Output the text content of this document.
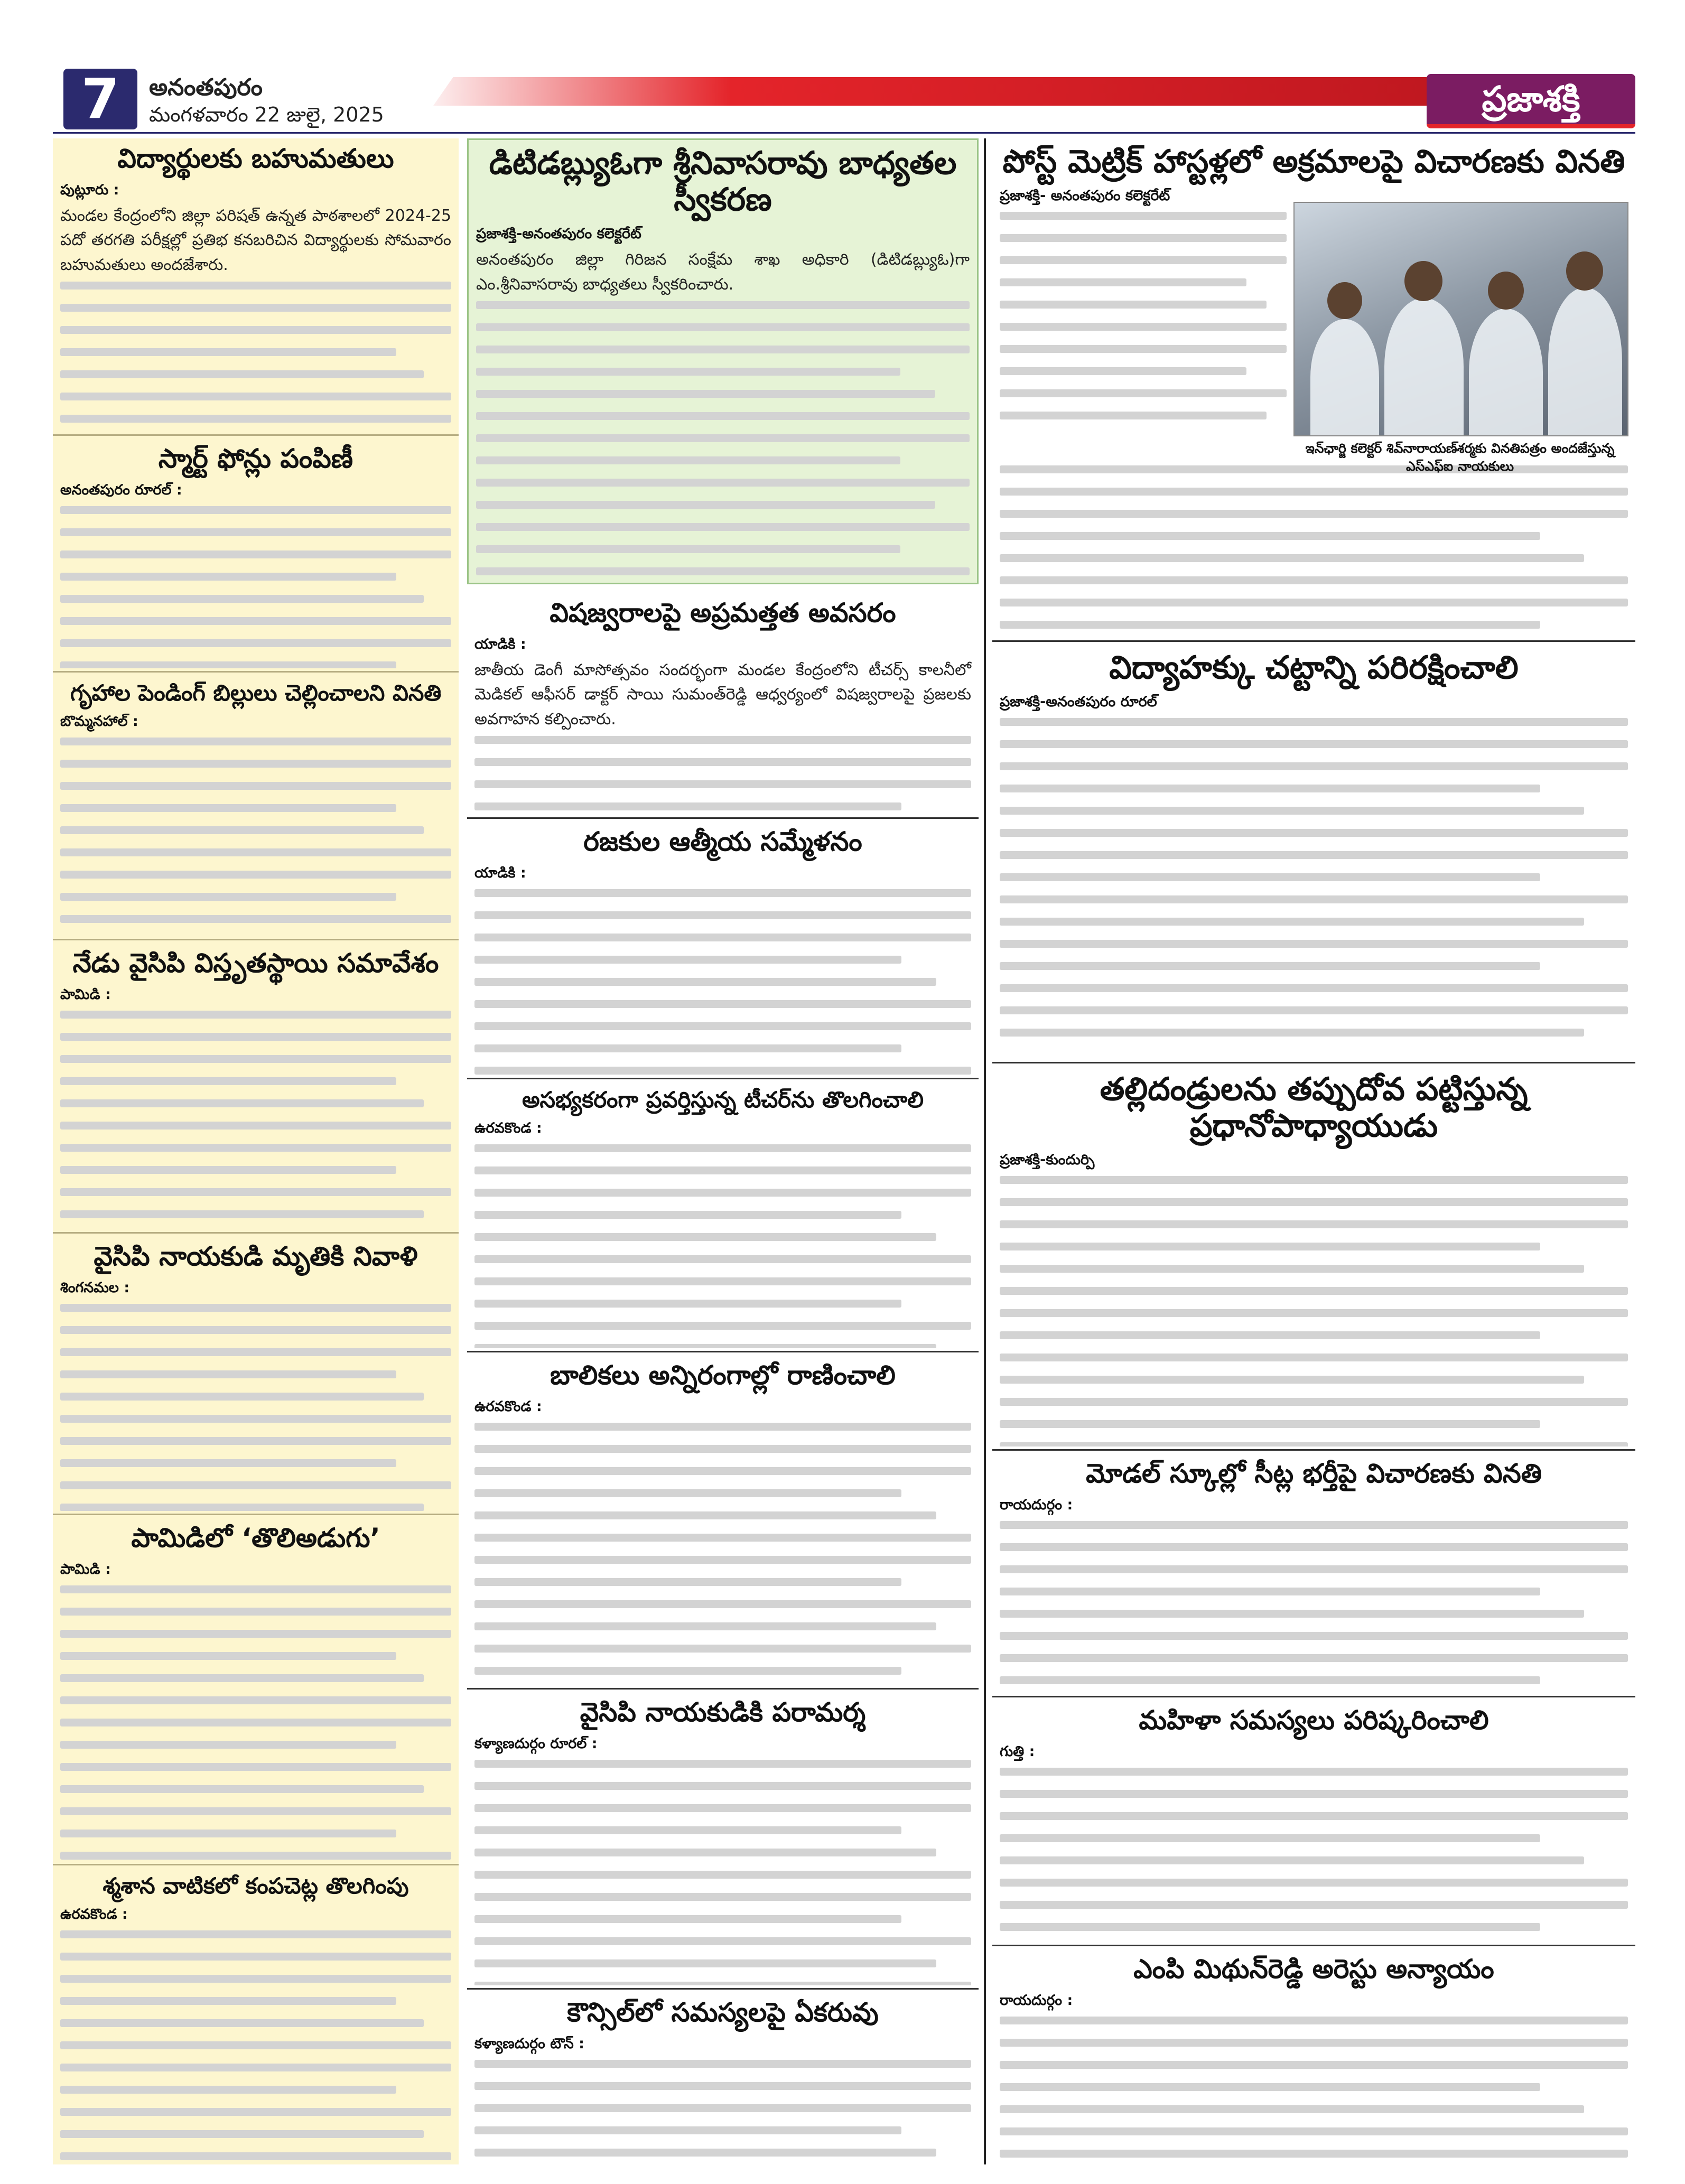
7	అనంతపురం
మంగళవారం 22 జులై, 2025	ప్రజాశక్తి
విద్యార్థులకు బహుమతులు
పుట్లూరు :
మండల కేంద్రంలోని జిల్లా పరిషత్ ఉన్నత పాఠశాలలో 2024-25 పదో తరగతి పరీక్షల్లో ప్రతిభ కనబరిచిన విద్యార్థులకు సోమవారం బహుమతులు అందజేశారు.
స్మార్ట్ ఫోన్లు పంపిణీ
అనంతపురం రూరల్ :
గృహాల పెండింగ్ బిల్లులు చెల్లించాలని వినతి
బొమ్మనహాల్ :
నేడు వైసిపి విస్తృతస్థాయి సమావేశం
పామిడి :
వైసిపి నాయకుడి మృతికి నివాళి
శింగనమల :
పామిడిలో ‘తొలిఅడుగు’
పామిడి :
శ్మశాన వాటికలో కంపచెట్ల తొలగింపు
ఉరవకొండ :
డిటిడబ్ల్యుఓగా శ్రీనివాసరావు బాధ్యతల స్వీకరణ
ప్రజాశక్తి-అనంతపురం కలెక్టరేట్
అనంతపురం జిల్లా గిరిజన సంక్షేమ శాఖ అధికారి (డిటిడబ్ల్యుఓ)గా ఎం.శ్రీనివాసరావు బాధ్యతలు స్వీకరించారు.
విషజ్వరాలపై అప్రమత్తత అవసరం
యాడికి :
జాతీయ డెంగీ మాసోత్సవం సందర్భంగా మండల కేంద్రంలోని టీచర్స్ కాలనీలో మెడికల్ ఆఫీసర్ డాక్టర్ సాయి సుమంత్‌రెడ్డి ఆధ్వర్యంలో విషజ్వరాలపై ప్రజలకు అవగాహన కల్పించారు.
రజకుల ఆత్మీయ సమ్మేళనం
యాడికి :
అసభ్యకరంగా ప్రవర్తిస్తున్న టీచర్‌ను తొలగించాలి
ఉరవకొండ :
బాలికలు అన్నిరంగాల్లో రాణించాలి
ఉరవకొండ :
వైసిపి నాయకుడికి పరామర్శ
కళ్యాణదుర్గం రూరల్ :
కౌన్సిల్‌లో సమస్యలపై ఏకరువు
కళ్యాణదుర్గం టౌన్ :
పోస్ట్ మెట్రిక్ హాస్టళ్లలో అక్రమాలపై విచారణకు వినతి
ప్రజాశక్తి- అనంతపురం కలెక్టరేట్
ఇన్‌ఛార్జి కలెక్టర్ శివ్‌నారాయణ్‌శర్మకు వినతిపత్రం అందజేస్తున్న ఎస్‌ఎఫ్‌ఐ నాయకులు
విద్యాహక్కు చట్టాన్ని పరిరక్షించాలి
ప్రజాశక్తి-అనంతపురం రూరల్
తల్లిదండ్రులను తప్పుదోవ పట్టిస్తున్న ప్రధానోపాధ్యాయుడు
ప్రజాశక్తి-కుందుర్పి
మోడల్ స్కూల్లో సీట్ల భర్తీపై విచారణకు వినతి
రాయదుర్గం :
మహిళా సమస్యలు పరిష్కరించాలి
గుత్తి :
ఎంపి మిథున్‌రెడ్డి అరెస్టు అన్యాయం
రాయదుర్గం :
